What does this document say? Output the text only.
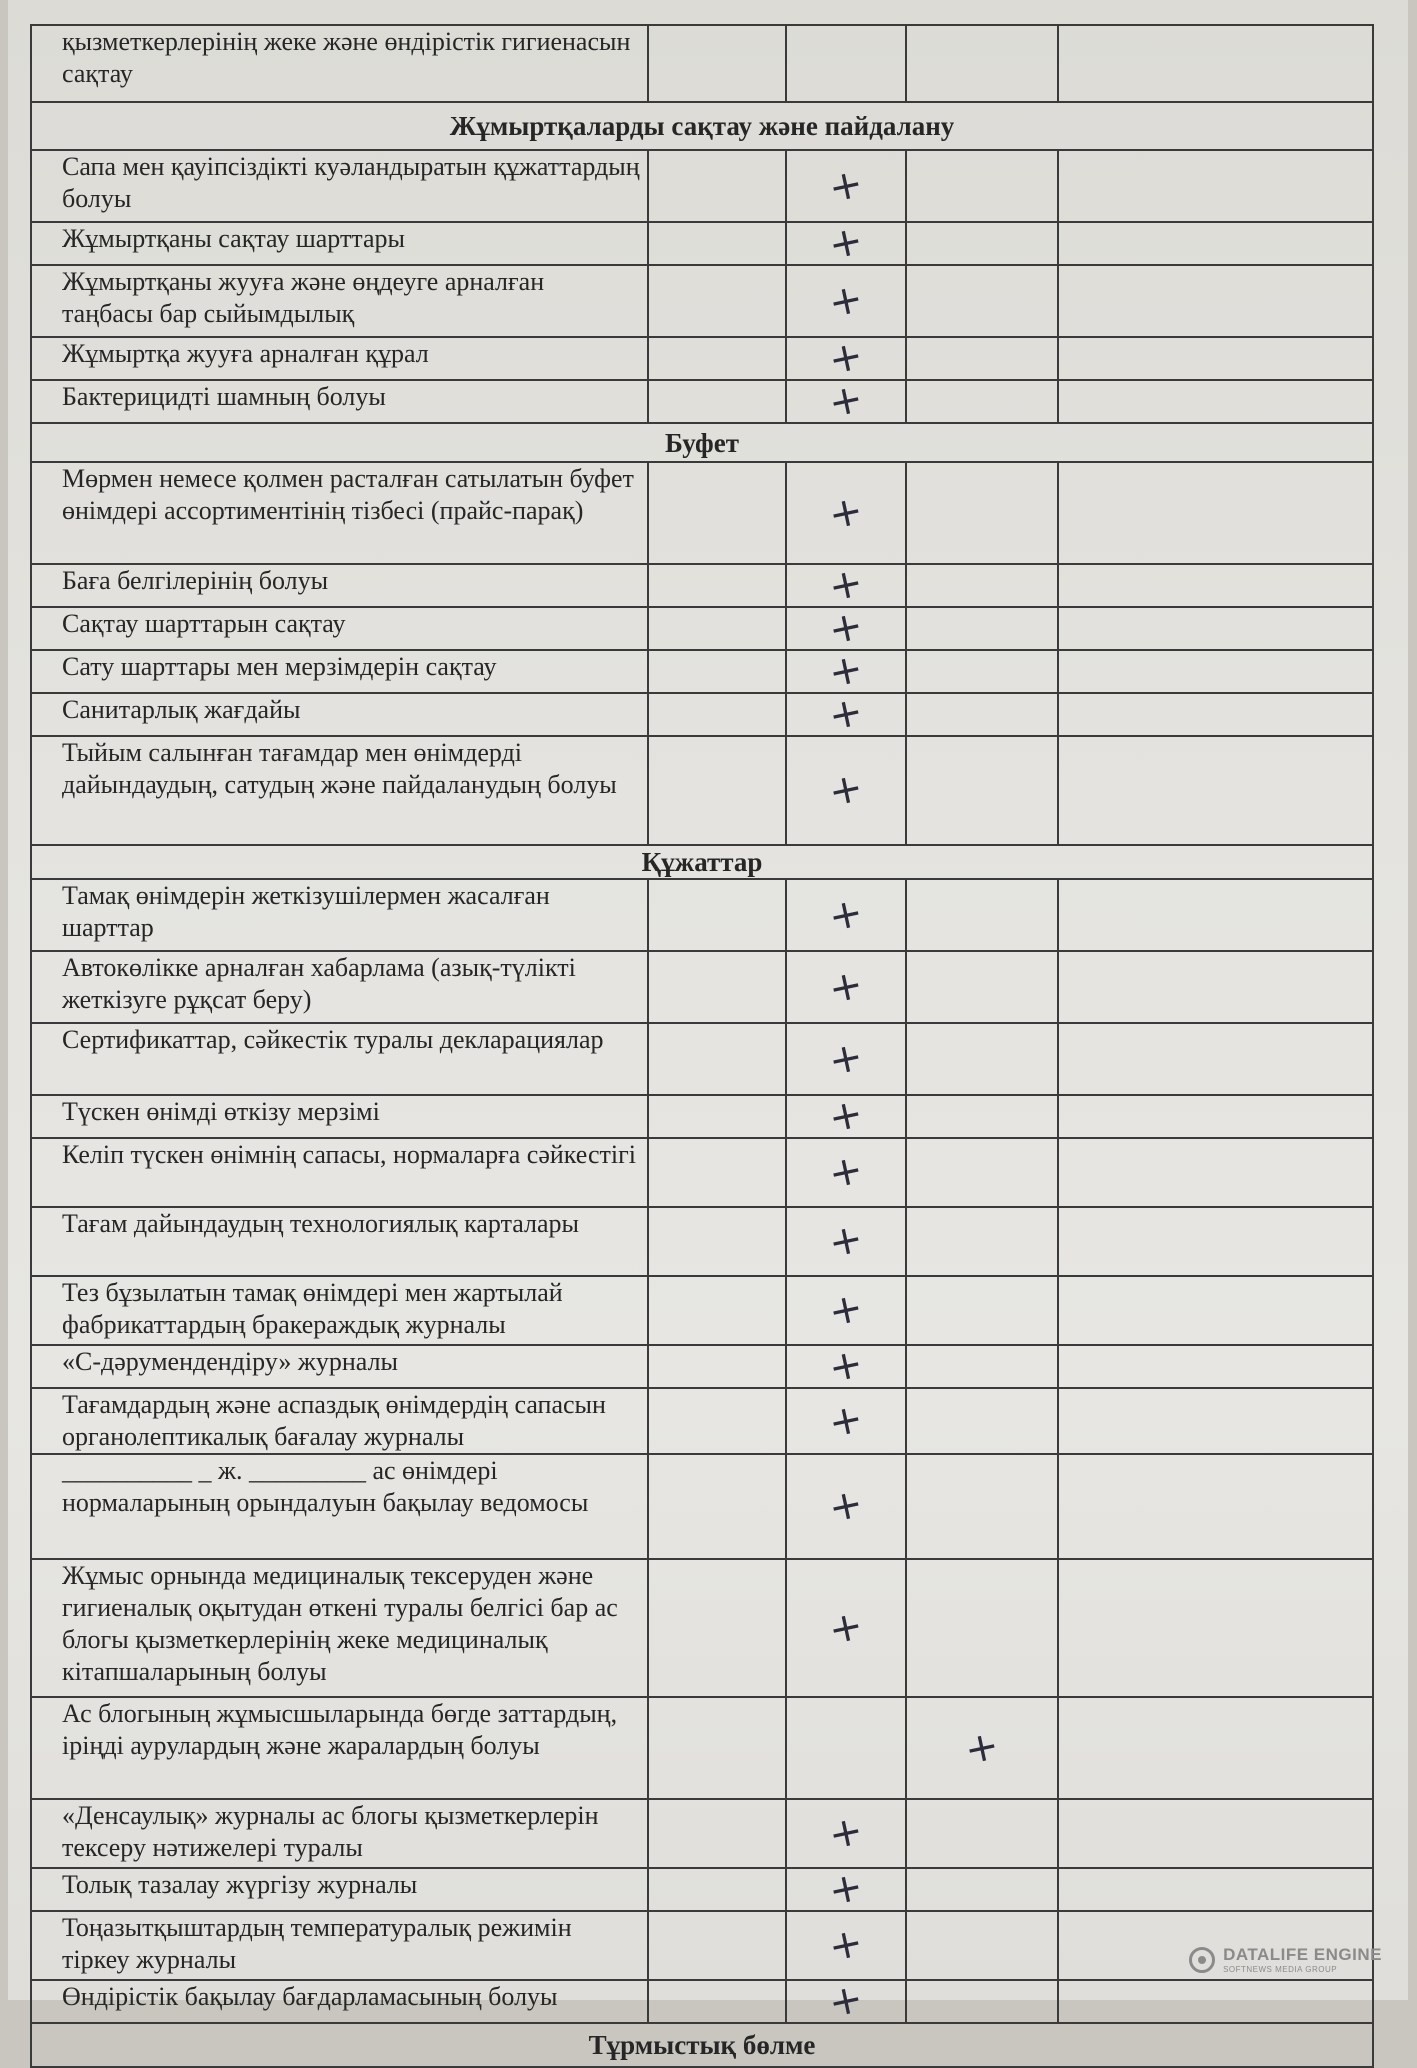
қызметкерлерінің жеке және өндірістік гигиенасын сақтау				
Жұмыртқаларды сақтау және пайдалану				
Сапа мен қауіпсіздікті куәландыратын құжаттардың болуы		+		
Жұмыртқаны сақтау шарттары		+		
Жұмыртқаны жууға және өңдеуге арналған таңбасы бар сыйымдылық		+		
Жұмыртқа жууға арналған құрал		+		
Бактерицидті шамның болуы		+		
Буфет				
Мөрмен немесе қолмен расталған сатылатын буфет өнімдері ассортиментінің тізбесі (прайс-парақ)		+		
Баға белгілерінің болуы		+		
Сақтау шарттарын сақтау		+		
Сату шарттары мен мерзімдерін сақтау		+		
Санитарлық жағдайы		+		
Тыйым салынған тағамдар мен өнімдерді дайындаудың, сатудың және пайдаланудың болуы		+		
Құжаттар				
Тамақ өнімдерін жеткізушілермен жасалған шарттар		+		
Автокөлікке арналған хабарлама (азық-түлікті жеткізуге рұқсат беру)		+		
Сертификаттар, сәйкестік туралы декларациялар		+		
Түскен өнімді өткізу мерзімі		+		
Келіп түскен өнімнің сапасы, нормаларға сәйкестігі		+		
Тағам дайындаудың технологиялық карталары		+		
Тез бұзылатын тамақ өнімдері мен жартылай фабрикаттардың бракераждық журналы		+		
«С-дәрумендендіру» журналы		+		
Тағамдардың және аспаздық өнімдердің сапасын органолептикалық бағалау журналы		+		
__________ _ ж. _________ ас өнімдері нормаларының орындалуын бақылау ведомосы		+		
Жұмыс орнында медициналық тексеруден және гигиеналық оқытудан өткені туралы белгісі бар ас блогы қызметкерлерінің жеке медициналық кітапшаларының болуы		+		
Ас блогының жұмысшыларында бөгде заттардың, іріңді аурулардың және жаралардың болуы			+	
«Денсаулық» журналы ас блогы қызметкерлерін тексеру нәтижелері туралы		+		
Толық тазалау жүргізу журналы		+		
Тоңазытқыштардың температуралық режимін тіркеу журналы		+		
Өндірістік бақылау бағдарламасының болуы		+		
Тұрмыстық бөлме				
DATALIFE ENGINE
SOFTNEWS MEDIA GROUP
